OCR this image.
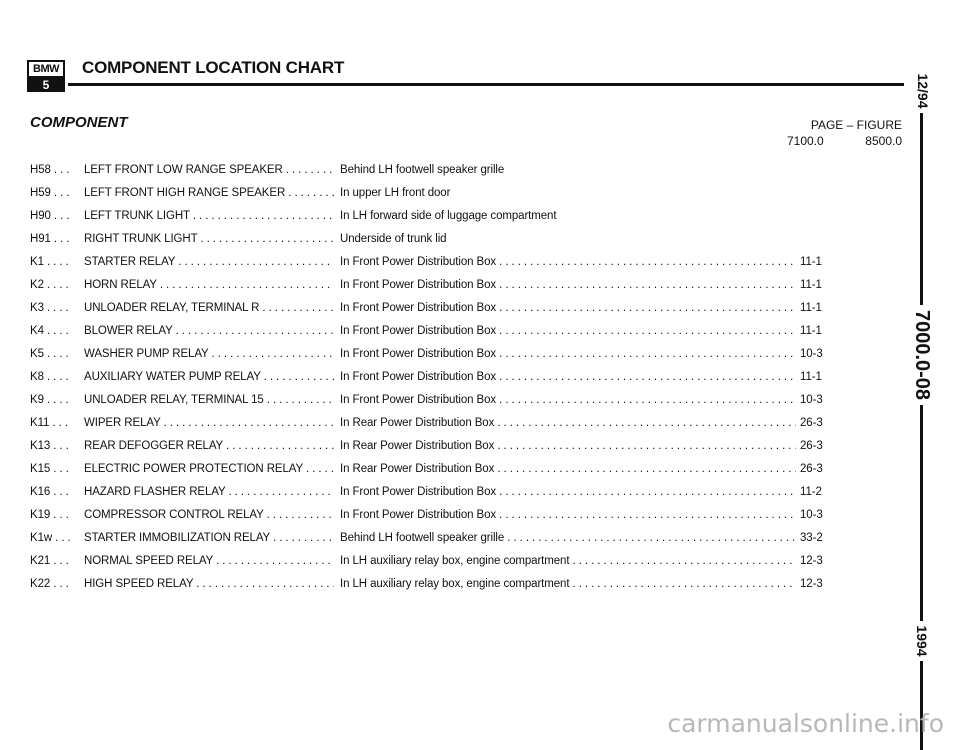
BMW
5
COMPONENT LOCATION CHART
COMPONENT	PAGE – FIGURE
7100.0	8500.0
H58 . . .	LEFT FRONT LOW RANGE SPEAKER . . .	Behind LH footwell speaker grille
H59 . . .	LEFT FRONT HIGH RANGE SPEAKER . . .	In upper LH front door
H90 . . .	LEFT TRUNK LIGHT . . .	In LH forward side of luggage compartment
H91 . . .	RIGHT TRUNK LIGHT . . .	Underside of trunk lid
K1 . . . .	STARTER RELAY . . .	In Front Power Distribution Box . . .	11-1
K2 . . . .	HORN RELAY . . .	In Front Power Distribution Box . . .	11-1
K3 . . . .	UNLOADER RELAY, TERMINAL R . . .	In Front Power Distribution Box . . .	11-1
K4 . . . .	BLOWER RELAY . . .	In Front Power Distribution Box . . .	11-1
K5 . . . .	WASHER PUMP RELAY . . .	In Front Power Distribution Box . . .	10-3
K8 . . . .	AUXILIARY WATER PUMP RELAY . . .	In Front Power Distribution Box . . .	11-1
K9 . . . .	UNLOADER RELAY, TERMINAL 15 . . .	In Front Power Distribution Box . . .	10-3
K11 . . .	WIPER RELAY . . .	In Rear Power Distribution Box . . .	26-3
K13 . . .	REAR DEFOGGER RELAY . . .	In Rear Power Distribution Box . . .	26-3
K15 . . .	ELECTRIC POWER PROTECTION RELAY . . .	In Rear Power Distribution Box . . .	26-3
K16 . . .	HAZARD FLASHER RELAY . . .	In Front Power Distribution Box . . .	11-2
K19 . . .	COMPRESSOR CONTROL RELAY . . .	In Front Power Distribution Box . . .	10-3
K1w . . .	STARTER IMMOBILIZATION RELAY . . .	Behind LH footwell speaker grille . . .	33-2
K21 . . .	NORMAL SPEED RELAY . . .	In LH auxiliary relay box, engine compartment . . .	12-3
K22 . . .	HIGH SPEED RELAY . . .	In LH auxiliary relay box, engine compartment . . .	12-3
12/94
7000.0-08
1994
carmanualsonline.info
